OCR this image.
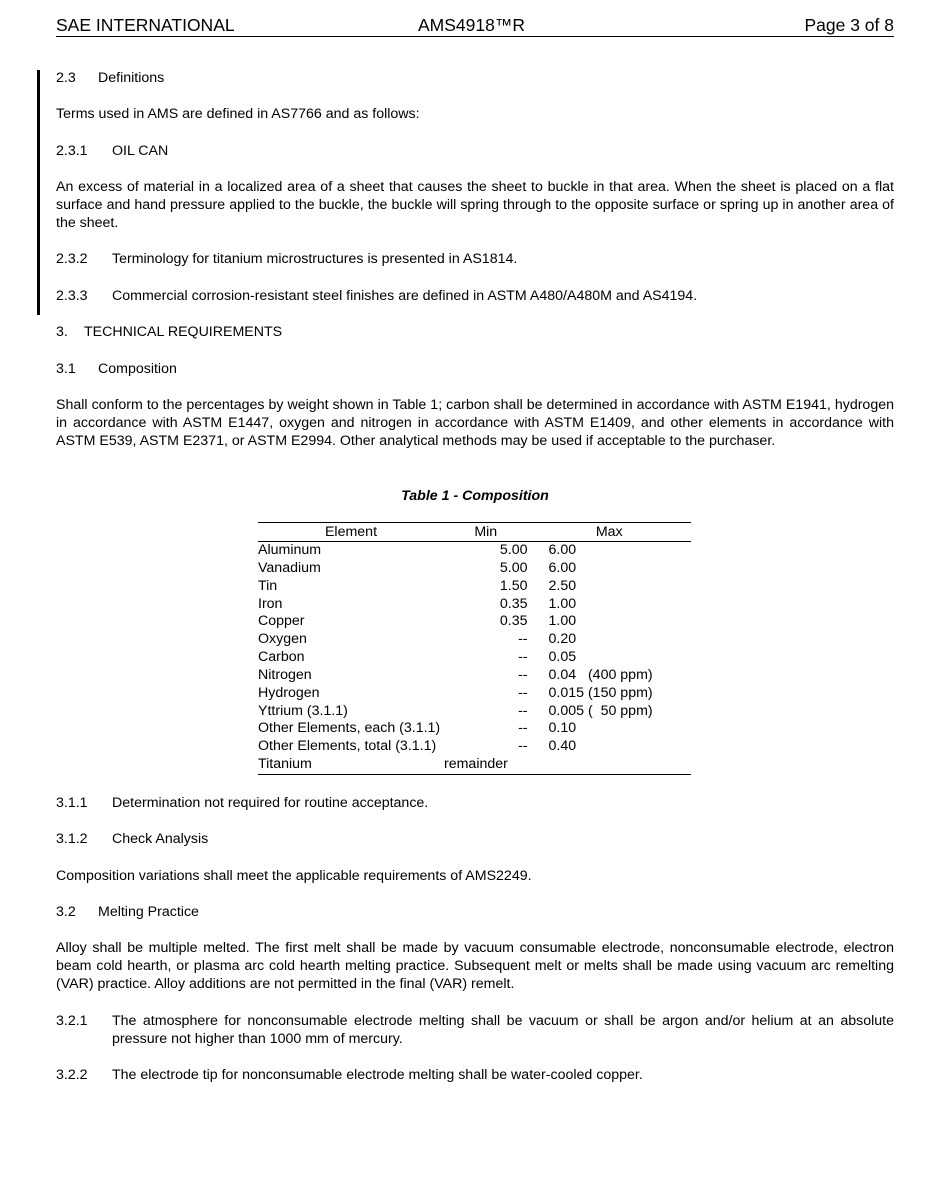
SAE INTERNATIONAL	AMS4918™R	Page 3 of 8
2.3 Definitions
Terms used in AMS are defined in AS7766 and as follows:
2.3.1 OIL CAN
An excess of material in a localized area of a sheet that causes the sheet to buckle in that area. When the sheet is placed on a flat surface and hand pressure applied to the buckle, the buckle will spring through to the opposite surface or spring up in another area of the sheet.
2.3.2 Terminology for titanium microstructures is presented in AS1814.
2.3.3 Commercial corrosion-resistant steel finishes are defined in ASTM A480/A480M and AS4194.
3. TECHNICAL REQUIREMENTS
3.1 Composition
Shall conform to the percentages by weight shown in Table 1; carbon shall be determined in accordance with ASTM E1941, hydrogen in accordance with ASTM E1447, oxygen and nitrogen in accordance with ASTM E1409, and other elements in accordance with ASTM E539, ASTM E2371, or ASTM E2994. Other analytical methods may be used if acceptable to the purchaser.
Table 1 - Composition
Element	Min	Max
Aluminum	5.00	6.00
Vanadium	5.00	6.00
Tin	1.50	2.50
Iron	0.35	1.00
Copper	0.35	1.00
Oxygen	--	0.20
Carbon	--	0.05
Nitrogen	--	0.04   (400 ppm)
Hydrogen	--	0.015 (150 ppm)
Yttrium (3.1.1)	--	0.005 (  50 ppm)
Other Elements, each (3.1.1)	--	0.10
Other Elements, total (3.1.1)	--	0.40
Titanium	remainder	
3.1.1 Determination not required for routine acceptance.
3.1.2 Check Analysis
Composition variations shall meet the applicable requirements of AMS2249.
3.2 Melting Practice
Alloy shall be multiple melted. The first melt shall be made by vacuum consumable electrode, nonconsumable electrode, electron beam cold hearth, or plasma arc cold hearth melting practice. Subsequent melt or melts shall be made using vacuum arc remelting (VAR) practice. Alloy additions are not permitted in the final (VAR) remelt.
3.2.1	The atmosphere for nonconsumable electrode melting shall be vacuum or shall be argon and/or helium at an absolute pressure not higher than 1000 mm of mercury.
3.2.2 The electrode tip for nonconsumable electrode melting shall be water-cooled copper.
